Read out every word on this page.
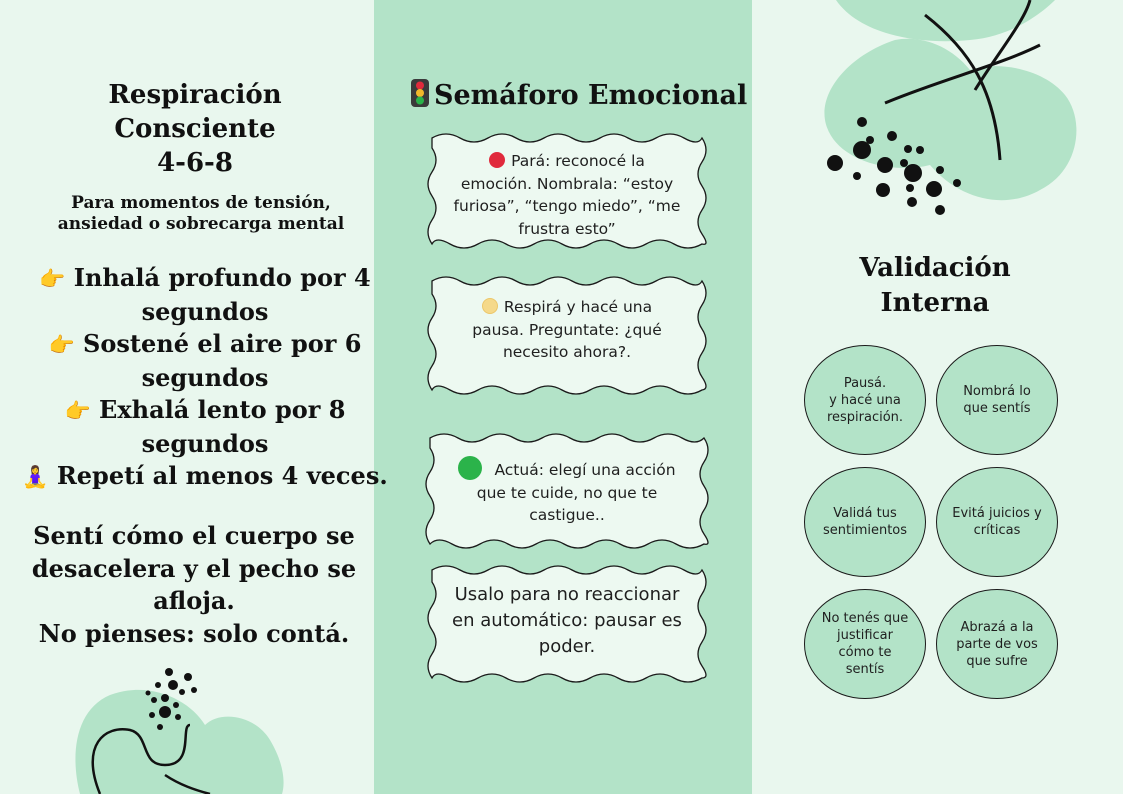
Respiración
Consciente
4-6-8
Para momentos de tensión,
ansiedad o sobrecarga mental
👉 Inhalá profundo por 4
segundos
👉 Sostené el aire por 6
segundos
👉 Exhalá lento por 8
segundos
🧘‍♀️ Repetí al menos 4 veces.
Sentí cómo el cuerpo se
desacelera y el pecho se
afloja.
No pienses: solo contá.
Semáforo Emocional
Pará: reconocé la
emoción. Nombrala: “estoy
furiosa”, “tengo miedo”, “me
frustra esto”
Respirá y hacé una
pausa. Preguntate: ¿qué
necesito ahora?.
Actuá: elegí una acción
que te cuide, no que te
castigue..
Usalo para no reaccionar
en automático: pausar es
poder.
Validación
Interna
Pausá.
y hacé una
respiración.
Nombrá lo
que sentís
Validá tus
sentimientos
Evitá juicios y
críticas
No tenés que
justificar
cómo te
sentís
Abrazá a la
parte de vos
que sufre
